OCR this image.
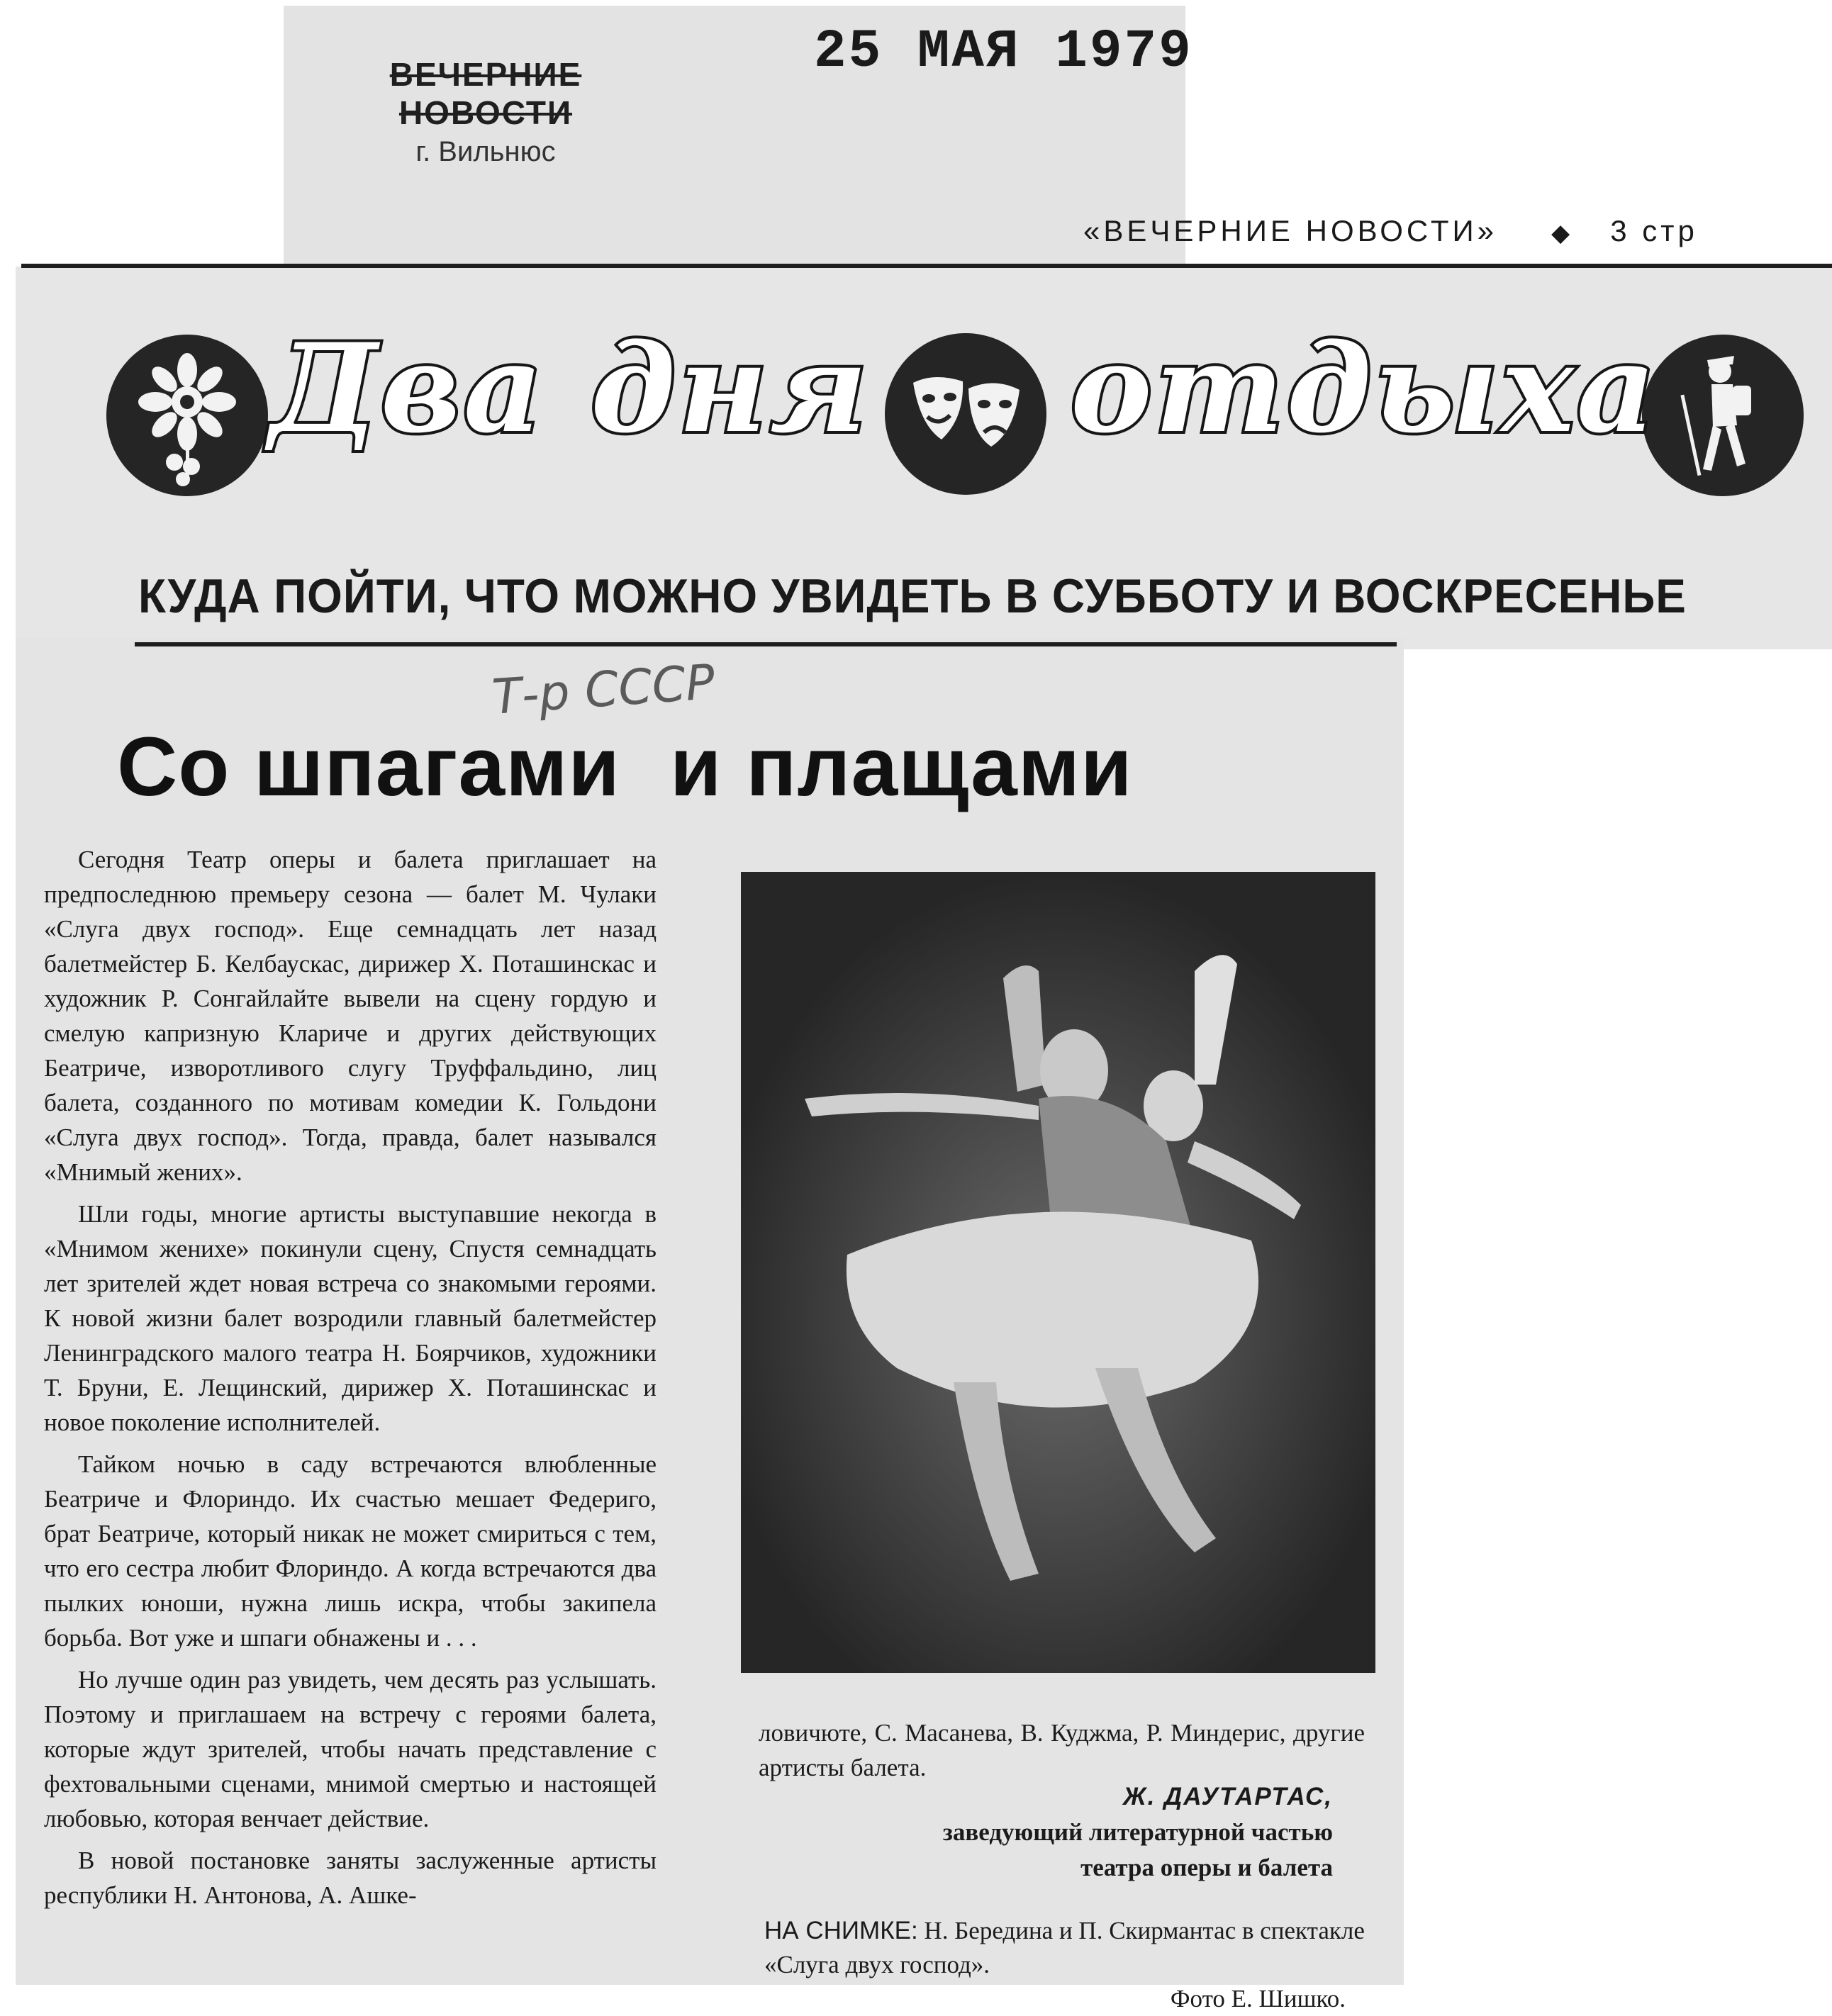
ВЕЧЕРНИЕ НОВОСТИ
г. Вильнюс
25 МАЯ 1979
«ВЕЧЕРНИЕ НОВОСТИ» ◆ 3 стр
Два дня отдыха
КУДА ПОЙТИ, ЧТО МОЖНО УВИДЕТЬ В СУББОТУ И ВОСКРЕСЕНЬЕ
Т-р СССР
Со шпагами и плащами

Сегодня Театр оперы и балета приглашает на предпоследнюю премьеру сезона — балет М. Чулаки «Слуга двух господ». Еще семнадцать лет назад балетмейстер Б. Келбаускас, дирижер Х. Поташинскас и художник Р. Сонгайлайте вывели на сцену гордую и смелую капризную Клариче и других действующих Беатриче, изворотливого слугу Труффальдино, лиц балета, созданного по мотивам комедии К. Гольдони «Слуга двух господ». Тогда, правда, балет назывался «Мнимый жених».

Шли годы, многие артисты выступавшие некогда в «Мнимом женихе» покинули сцену, Спустя семнадцать лет зрителей ждет новая встреча со знакомыми героями. К новой жизни балет возродили главный балетмейстер Ленинградского малого театра Н. Боярчиков, художники Т. Бруни, Е. Лещинский, дирижер Х. Поташинскас и новое поколение исполнителей.

Тайком ночью в саду встречаются влюбленные Беатриче и Флориндо. Их счастью мешает Федериго, брат Беатриче, который никак не может смириться с тем, что его сестра любит Флориндо. А когда встречаются два пылких юноши, нужна лишь искра, чтобы закипела борьба. Вот уже и шпаги обнажены и . . .

Но лучше один раз увидеть, чем десять раз услышать. Поэтому и приглашаем на встречу с героями балета, которые ждут зрителей, чтобы начать представление с фехтовальными сценами, мнимой смертью и настоящей любовью, которая венчает действие.

В новой постановке заняты заслуженные артисты республики Н. Антонова, А. Ашке-

ловичюте, С. Масанева, В. Куджма, Р. Миндерис, другие артисты балета.
Ж. ДАУТАРТАС,
заведующий литературной частью
театра оперы и балета
НА СНИМКЕ: Н. Бередина и П. Скирмантас в спектакле «Слуга двух господ».
Фото Е. Шишко.
